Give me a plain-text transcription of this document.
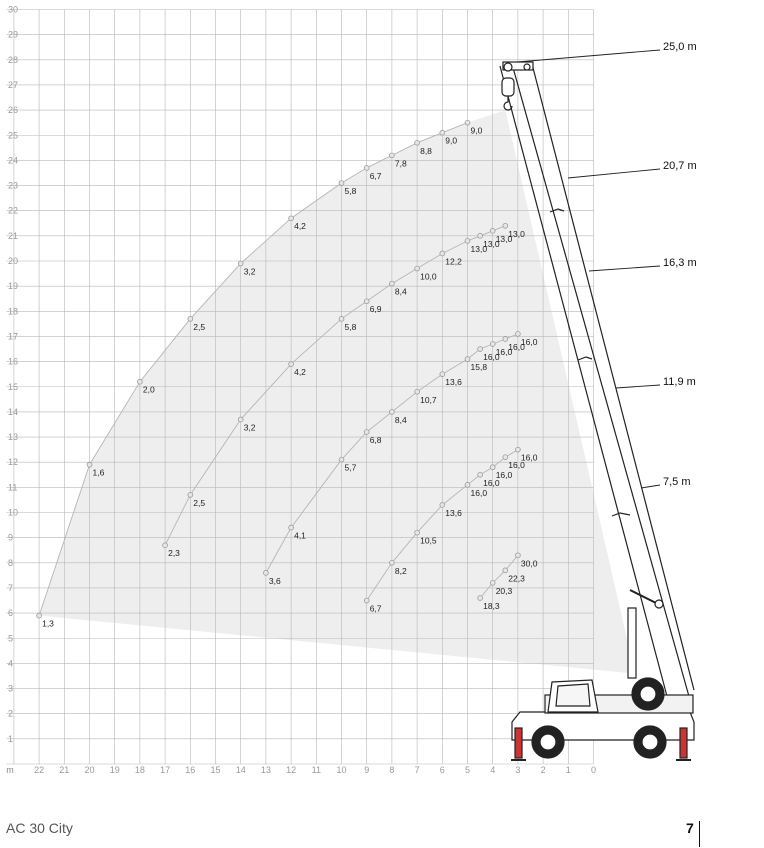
1,3
1,6
2,0
2,5
3,2
4,2
5,8
6,7
7,8
8,8
9,0
9,0
2,3
2,5
3,2
4,2
5,8
6,9
8,4
10,0
12,2
13,0
13,0
13,0
13,0
3,6
4,1
5,7
6,8
8,4
10,7
13,6
15,8
16,0
16,0
16,0
16,0
6,7
8,2
10,5
13,6
16,0
16,0
16,0
16,0
16,0
18,3
20,3
22,3
30,0
1
2
3
4
5
6
7
8
9
10
11
12
13
14
15
16
17
18
19
20
21
22
23
24
25
26
27
28
29
30
22 21 20 19 18 17 16 15 14 13 12 11 10 9 8 7 6 5 4 3 2 1 0
m
25,0 m
20,7 m
16,3 m
11,9 m
7,5 m
AC 30 City	7
